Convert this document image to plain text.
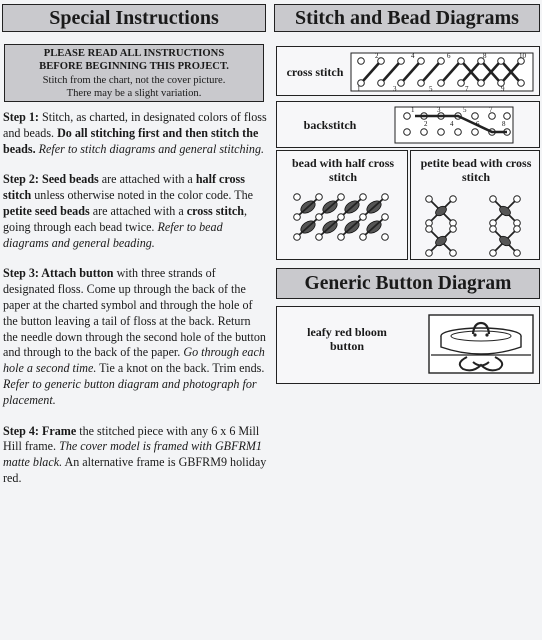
Special Instructions
PLEASE READ ALL INSTRUCTIONS
BEFORE BEGINNING THIS PROJECT.
Stitch from the chart, not the cover picture.
There may be a slight variation.

Step 1: Stitch, as charted, in designated colors of floss and beads. Do all stitching first and then stitch the beads. Refer to stitch diagrams and general stitching.

Step 2: Seed beads are attached with a half cross stitch unless otherwise noted in the color code. The petite seed beads are attached with a cross stitch, going through each bead twice. Refer to bead diagrams and general beading.

Step 3: Attach button with three strands of designated floss. Come up through the back of the paper at the charted symbol and through the hole of the button leaving a tail of floss at the back. Return the needle down through the second hole of the button and through to the back of the paper. Go through each hole a second time. Tie a knot on the back. Trim ends. Refer to generic button diagram and photograph for placement.

Step 4: Frame the stitched piece with any 6 x 6 Mill Hill frame. The cover model is framed with GBFRM1 matte black. An alternative frame is GBFRM9 holiday red.

Stitch and Bead Diagrams
cross stitch
1
2
3
4
5
6
7
8
9
10
backstitch
1
2
3
4
5
6
7
8
bead with half cross stitch
petite bead with cross stitch
Generic Button Diagram
leafy red bloom button
